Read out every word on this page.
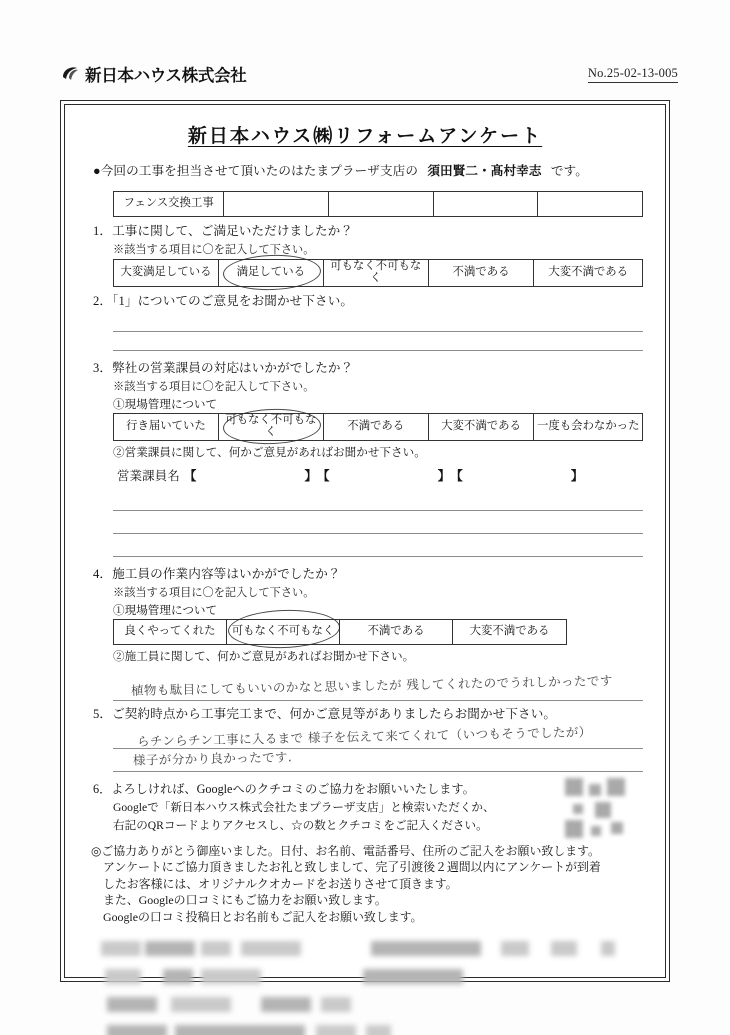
新日本ハウス株式会社	No.25-02-13-005
新日本ハウス㈱リフォームアンケート
●今回の工事を担当させて頂いたのはたまプラーザ支店の 須田賢二・髙村幸志 です。
フェンス交換工事				
1．工事に関して、ご満足いただけましたか？
※該当する項目に〇を記入して下さい。
大変満足している	満足している	可もなく不可もなく	不満である	大変不満である
2．「1」についてのご意見をお聞かせ下さい。
3．弊社の営業課員の対応はいかがでしたか？
※該当する項目に〇を記入して下さい。
①現場管理について
行き届いていた	可もなく不可もなく	不満である	大変不満である	一度も会わなかった
②営業課員に関して、何かご意見があればお聞かせ下さい。
営業課員名 【	】 【	】 【	】
4．施工員の作業内容等はいかがでしたか？
※該当する項目に〇を記入して下さい。
①現場管理について
良くやってくれた	可もなく不可もなく	不満である	大変不満である
②施工員に関して、何かご意見があればお聞かせ下さい。
植物も駄目にしてもいいのかなと思いましたが 残してくれたのでうれしかったです
5．ご契約時点から工事完工まで、何かご意見等がありましたらお聞かせ下さい。
らチンらチン工事に入るまで 様子を伝えて来てくれて（いつもそうでしたが）
様子が分かり良かったです.
6．よろしければ、Googleへのクチコミのご協力をお願いいたします。
Googleで「新日本ハウス株式会社たまプラーザ支店」と検索いただくか、
右記のQRコードよりアクセスし、☆の数とクチコミをご記入ください。
◎ご協力ありがとう御座いました。日付、お名前、電話番号、住所のご記入をお願い致します。
アンケートにご協力頂きましたお礼と致しまして、完了引渡後２週間以内にアンケートが到着
したお客様には、オリジナルクオカードをお送りさせて頂きます。
また、Googleの口コミにもご協力をお願い致します。
Googleの口コミ投稿日とお名前もご記入をお願い致します。
